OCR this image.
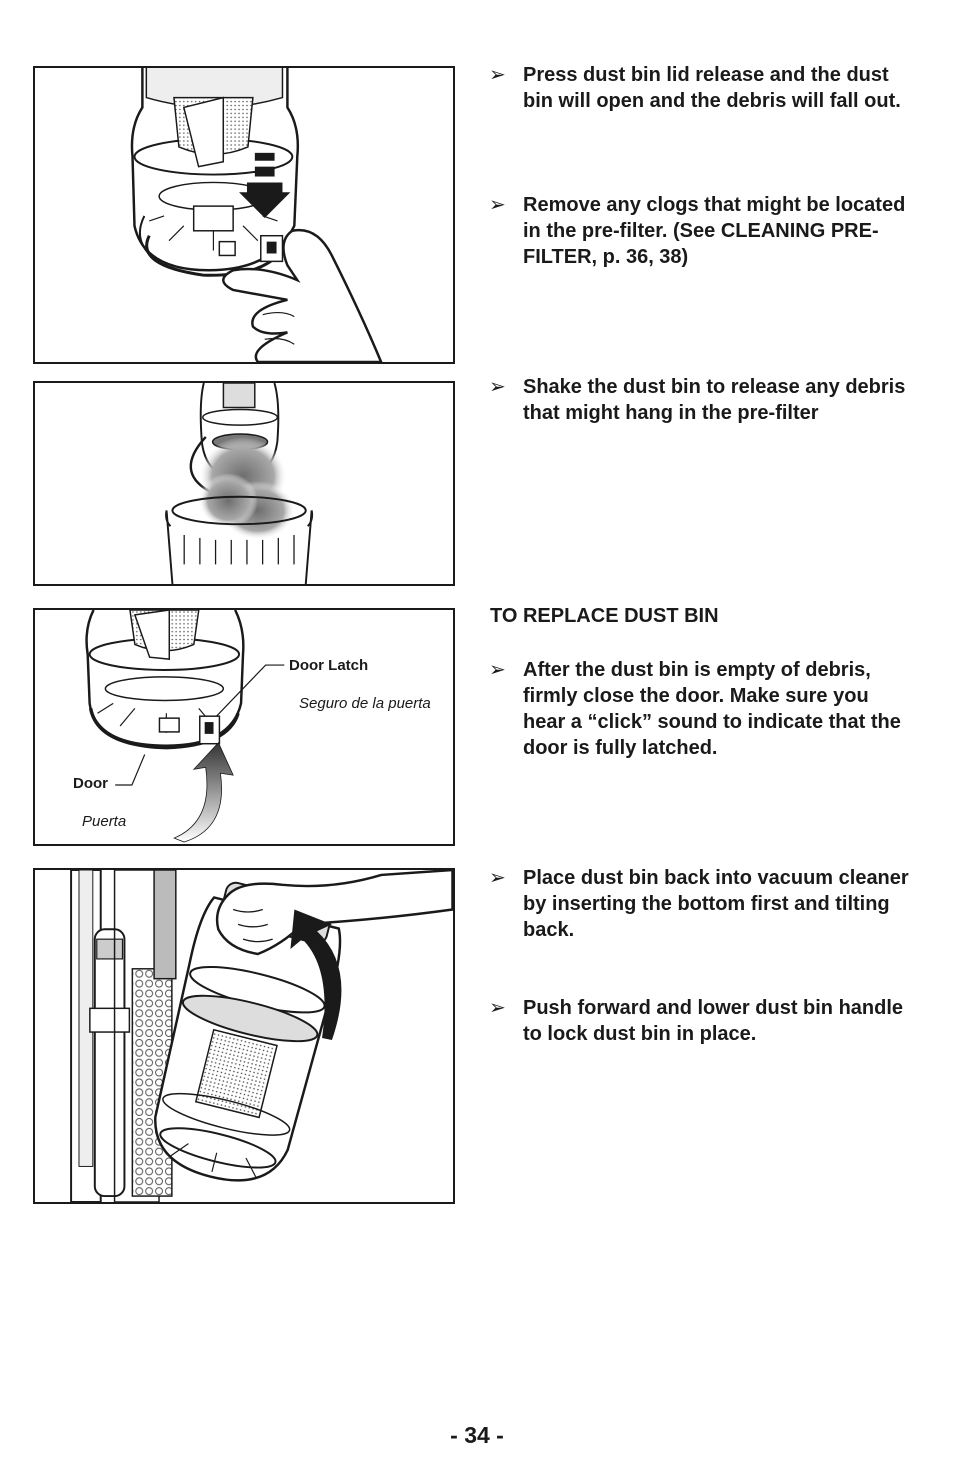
Door Latch
Seguro de la puerta
Door
Puerta
➢ Press dust bin lid release and the dust bin will open and the debris will fall out.
➢ Remove any clogs that might be located in the pre-filter. (See CLEANING PRE-FILTER, p. 36, 38)
➢ Shake the dust bin to release any debris that might hang in the pre-filter
TO REPLACE DUST BIN
➢ After the dust bin is empty of debris, firmly close the door. Make sure you hear a “click” sound to indicate that the door is fully latched.
➢ Place dust bin back into vacuum cleaner by inserting the bottom first and tilting back.
➢ Push forward and lower dust bin handle to lock dust bin in place.
- 34 -
